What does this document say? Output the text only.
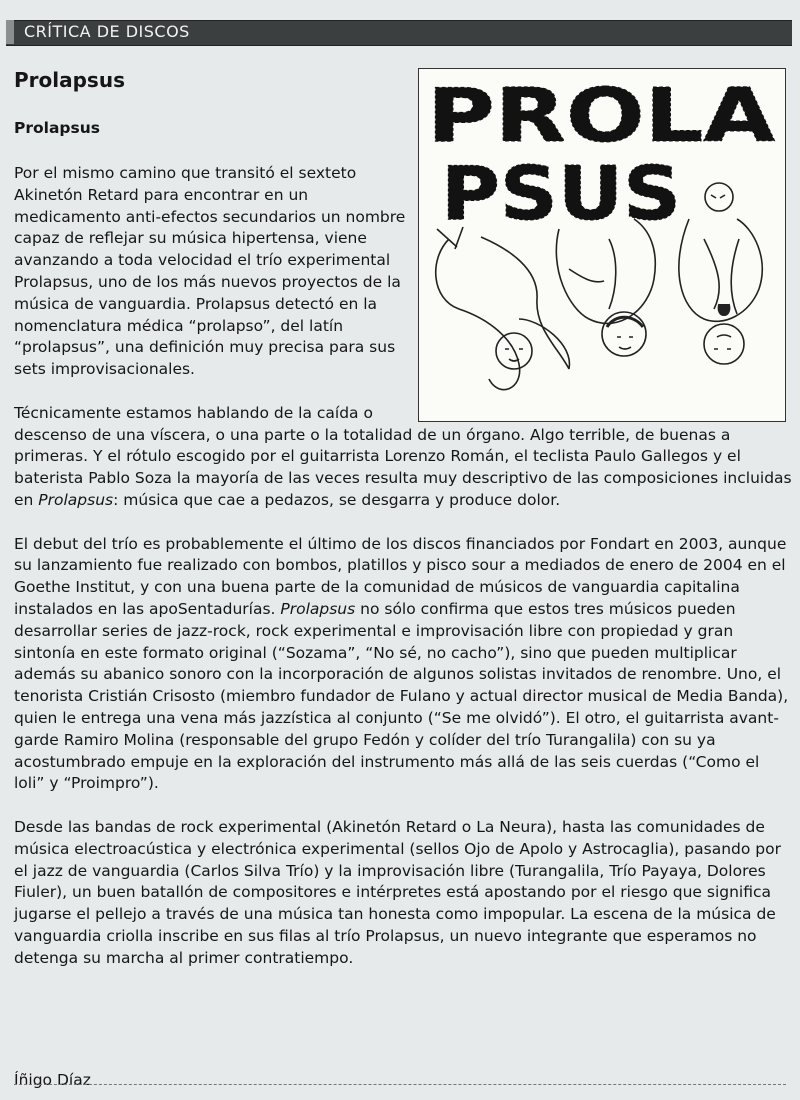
CRÍTICA DE DISCOS
Prolapsus
Prolapsus	PROLA
PSUS

Por el mismo camino que transitó el sexteto Akinetón Retard para encontrar en un medicamento anti-efectos secundarios un nombre capaz de reflejar su música hipertensa, viene avanzando a toda velocidad el trío experimental Prolapsus, uno de los más nuevos proyectos de la música de vanguardia. Prolapsus detectó en la nomenclatura médica “prolapso”, del latín “prolapsus”, una definición muy precisa para sus sets improvisacionales.

Técnicamente estamos hablando de la caída o
descenso de una víscera, o una parte o la totalidad de un órgano. Algo terrible, de buenas a primeras. Y el rótulo escogido por el guitarrista Lorenzo Román, el teclista Paulo Gallegos y el baterista Pablo Soza la mayoría de las veces resulta muy descriptivo de las composiciones incluidas en Prolapsus: música que cae a pedazos, se desgarra y produce dolor.

El debut del trío es probablemente el último de los discos financiados por Fondart en 2003, aunque su lanzamiento fue realizado con bombos, platillos y pisco sour a mediados de enero de 2004 en el Goethe Institut, y con una buena parte de la comunidad de músicos de vanguardia capitalina instalados en las apoSentadurías. Prolapsus no sólo confirma que estos tres músicos pueden desarrollar series de jazz-rock, rock experimental e improvisación libre con propiedad y gran sintonía en este formato original (“Sozama”, “No sé, no cacho”), sino que pueden multiplicar además su abanico sonoro con la incorporación de algunos solistas invitados de renombre. Uno, el tenorista Cristián Crisosto (miembro fundador de Fulano y actual director musical de Media Banda), quien le entrega una vena más jazzística al conjunto (“Se me olvidó”). El otro, el guitarrista avant-garde Ramiro Molina (responsable del grupo Fedón y colíder del trío Turangalila) con su ya acostumbrado empuje en la exploración del instrumento más allá de las seis cuerdas (“Como el loli” y “Proimpro”).

Desde las bandas de rock experimental (Akinetón Retard o La Neura), hasta las comunidades de música electroacústica y electrónica experimental (sellos Ojo de Apolo y Astrocaglia), pasando por el jazz de vanguardia (Carlos Silva Trío) y la improvisación libre (Turangalila, Trío Payaya, Dolores Fiuler), un buen batallón de compositores e intérpretes está apostando por el riesgo que significa jugarse el pellejo a través de una música tan honesta como impopular. La escena de la música de vanguardia criolla inscribe en sus filas al trío Prolapsus, un nuevo integrante que esperamos no detenga su marcha al primer contratiempo.

Íñigo Díaz
